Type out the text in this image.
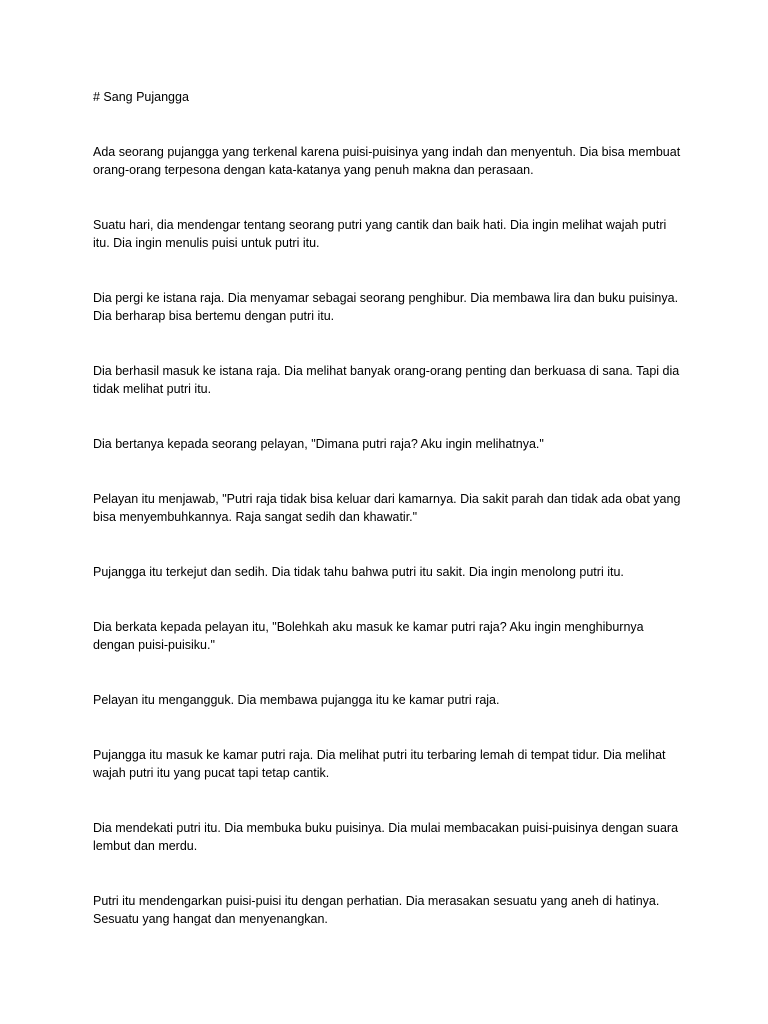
# Sang Pujangga

Ada seorang pujangga yang terkenal karena puisi-puisinya yang indah dan menyentuh. Dia bisa membuat orang-orang terpesona dengan kata-katanya yang penuh makna dan perasaan.

Suatu hari, dia mendengar tentang seorang putri yang cantik dan baik hati. Dia ingin melihat wajah putri itu. Dia ingin menulis puisi untuk putri itu.

Dia pergi ke istana raja. Dia menyamar sebagai seorang penghibur. Dia membawa lira dan buku puisinya. Dia berharap bisa bertemu dengan putri itu.

Dia berhasil masuk ke istana raja. Dia melihat banyak orang-orang penting dan berkuasa di sana. Tapi dia tidak melihat putri itu.

Dia bertanya kepada seorang pelayan, "Dimana putri raja? Aku ingin melihatnya."

Pelayan itu menjawab, "Putri raja tidak bisa keluar dari kamarnya. Dia sakit parah dan tidak ada obat yang bisa menyembuhkannya. Raja sangat sedih dan khawatir."

Pujangga itu terkejut dan sedih. Dia tidak tahu bahwa putri itu sakit. Dia ingin menolong putri itu.

Dia berkata kepada pelayan itu, "Bolehkah aku masuk ke kamar putri raja? Aku ingin menghiburnya dengan puisi-puisiku."

Pelayan itu mengangguk. Dia membawa pujangga itu ke kamar putri raja.

Pujangga itu masuk ke kamar putri raja. Dia melihat putri itu terbaring lemah di tempat tidur. Dia melihat wajah putri itu yang pucat tapi tetap cantik.

Dia mendekati putri itu. Dia membuka buku puisinya. Dia mulai membacakan puisi-puisinya dengan suara lembut dan merdu.

Putri itu mendengarkan puisi-puisi itu dengan perhatian. Dia merasakan sesuatu yang aneh di hatinya. Sesuatu yang hangat dan menyenangkan.
